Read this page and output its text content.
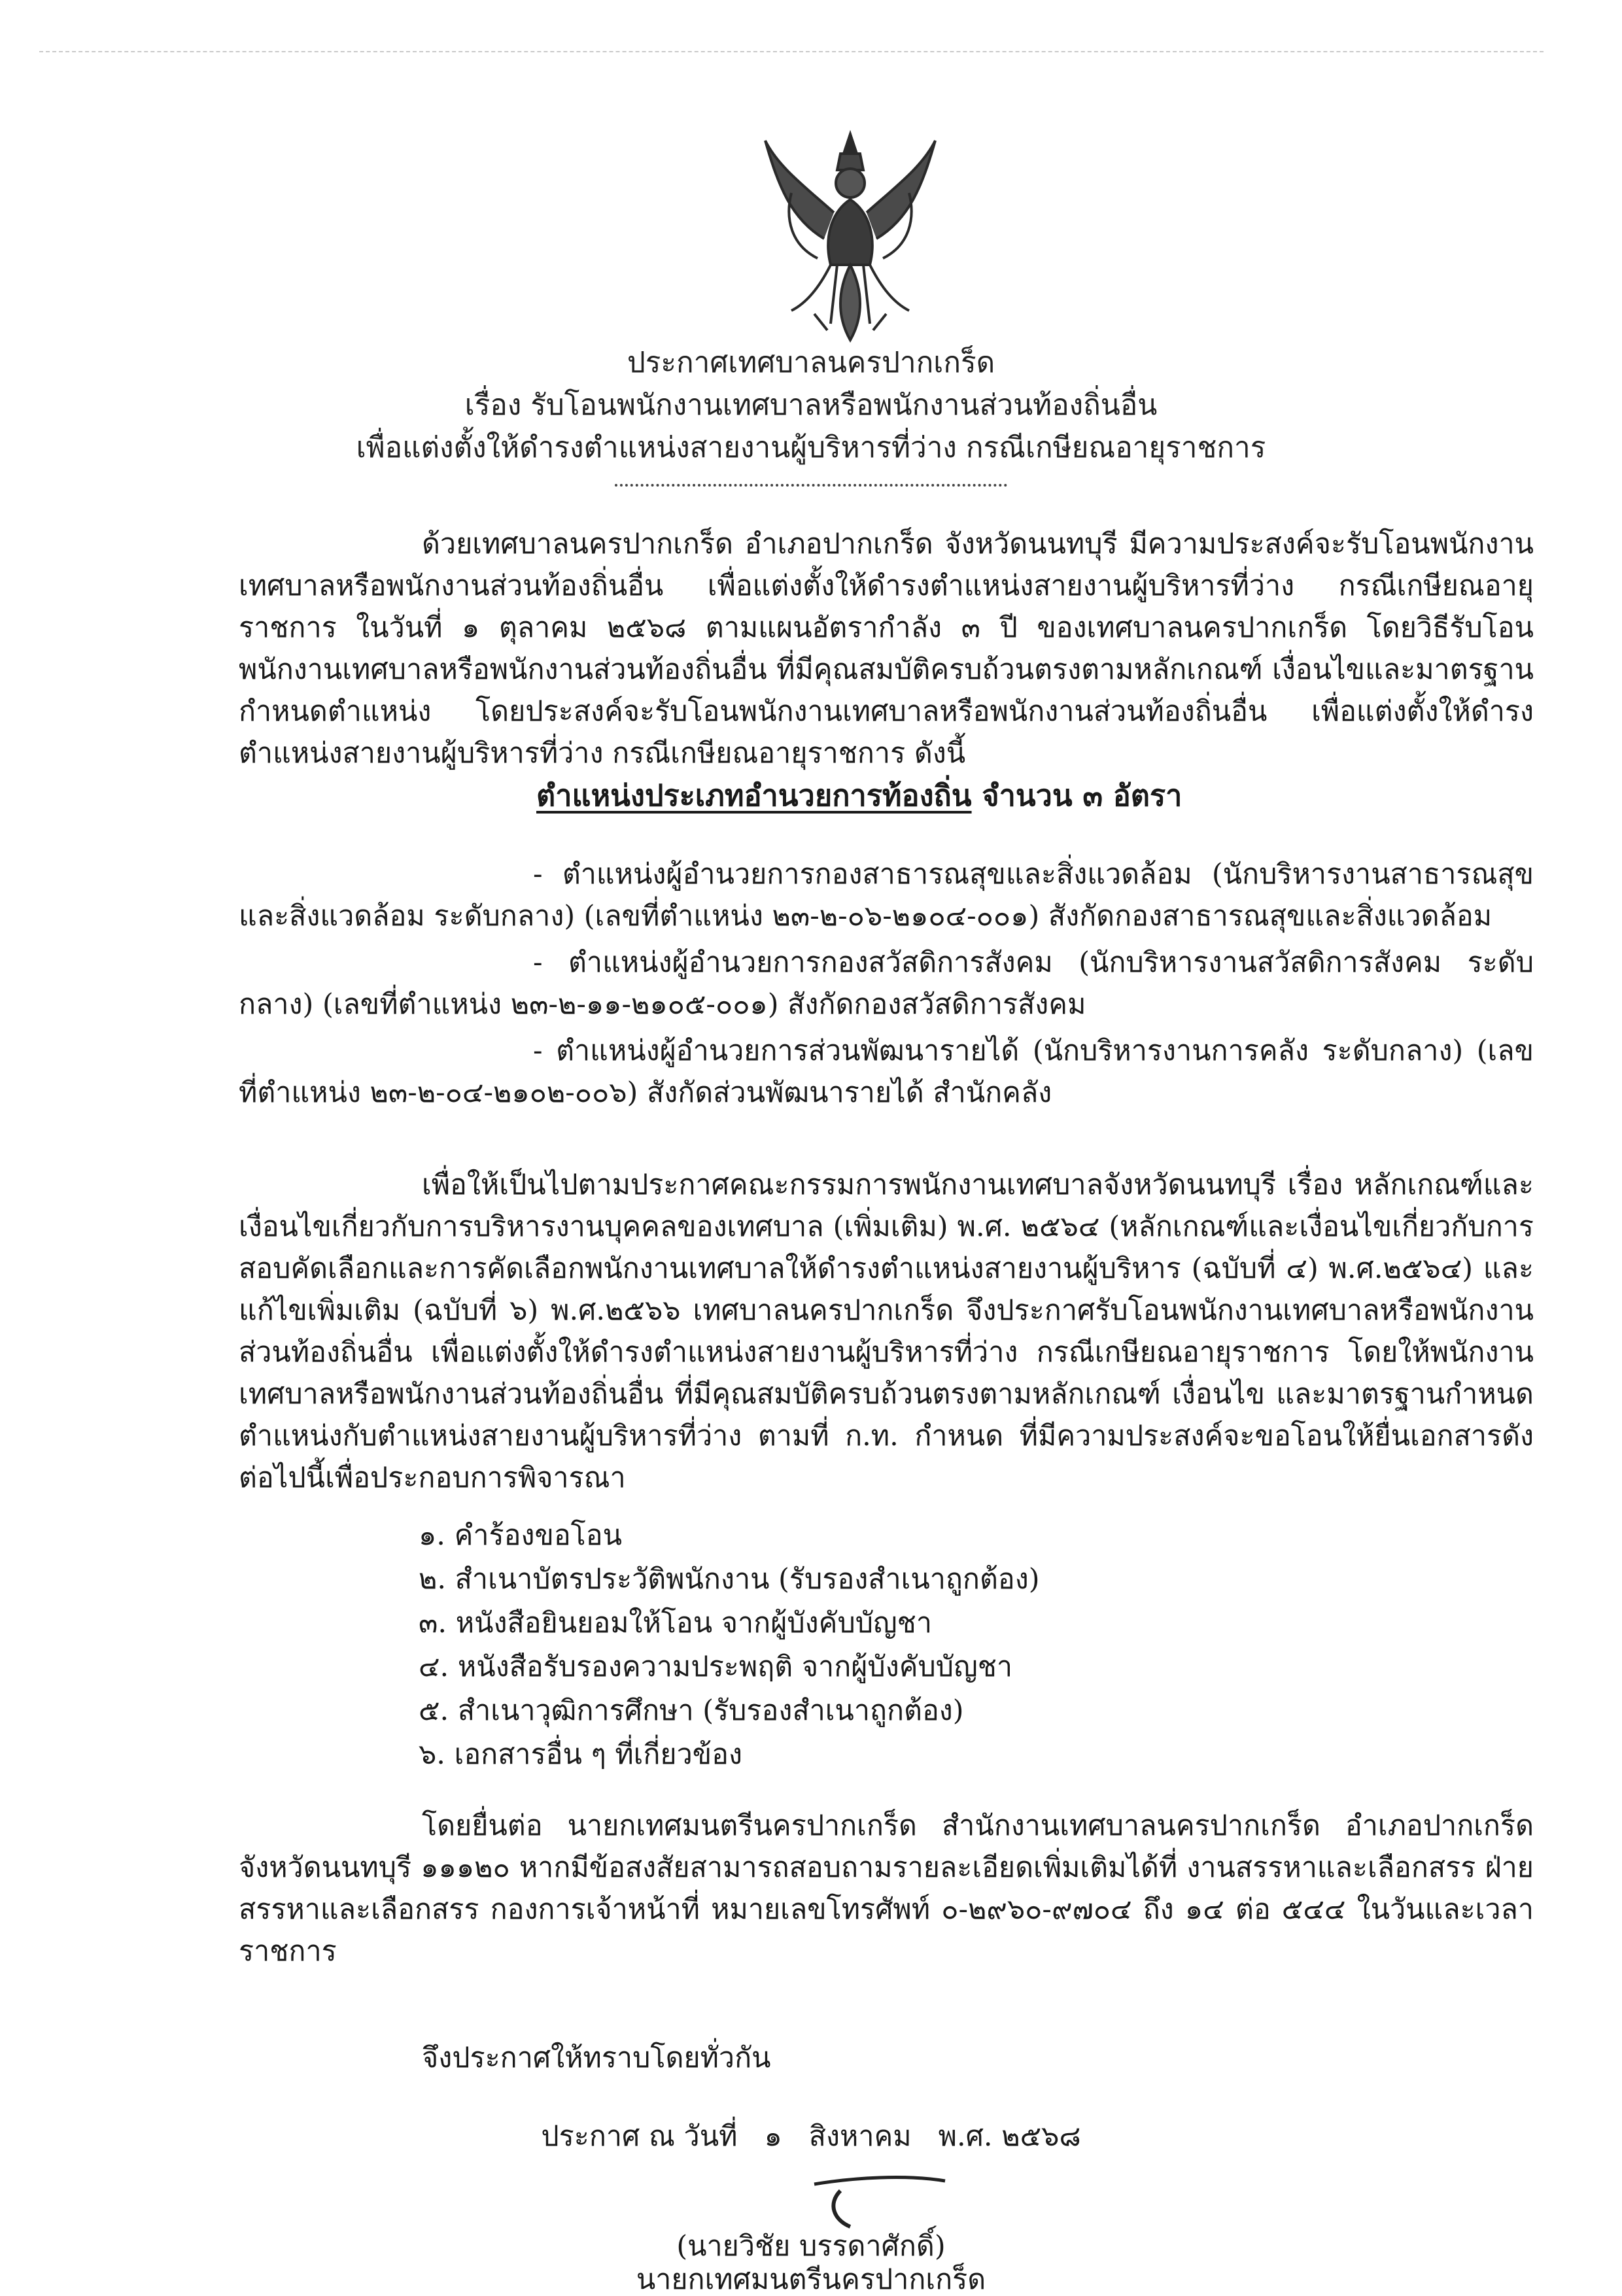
ประกาศเทศบาลนครปากเกร็ด
เรื่อง รับโอนพนักงานเทศบาลหรือพนักงานส่วนท้องถิ่นอื่น
เพื่อแต่งตั้งให้ดำรงตำแหน่งสายงานผู้บริหารที่ว่าง กรณีเกษียณอายุราชการ
ด้วยเทศบาลนครปากเกร็ด อำเภอปากเกร็ด จังหวัดนนทบุรี มีความประสงค์จะรับโอนพนักงานเทศบาลหรือพนักงานส่วนท้องถิ่นอื่น เพื่อแต่งตั้งให้ดำรงตำแหน่งสายงานผู้บริหารที่ว่าง กรณีเกษียณอายุราชการ ในวันที่ ๑ ตุลาคม ๒๕๖๘ ตามแผนอัตรากำลัง ๓ ปี ของเทศบาลนครปากเกร็ด โดยวิธีรับโอนพนักงานเทศบาลหรือพนักงานส่วนท้องถิ่นอื่น ที่มีคุณสมบัติครบถ้วนตรงตามหลักเกณฑ์ เงื่อนไขและมาตรฐานกำหนดตำแหน่ง โดยประสงค์จะรับโอนพนักงานเทศบาลหรือพนักงานส่วนท้องถิ่นอื่น เพื่อแต่งตั้งให้ดำรงตำแหน่งสายงานผู้บริหารที่ว่าง กรณีเกษียณอายุราชการ ดังนี้
ตำแหน่งประเภทอำนวยการท้องถิ่น จำนวน ๓ อัตรา
- ตำแหน่งผู้อำนวยการกองสาธารณสุขและสิ่งแวดล้อม (นักบริหารงานสาธารณสุขและสิ่งแวดล้อม ระดับกลาง) (เลขที่ตำแหน่ง ๒๓-๒-๐๖-๒๑๐๔-๐๐๑) สังกัดกองสาธารณสุขและสิ่งแวดล้อม
- ตำแหน่งผู้อำนวยการกองสวัสดิการสังคม (นักบริหารงานสวัสดิการสังคม ระดับกลาง) (เลขที่ตำแหน่ง ๒๓-๒-๑๑-๒๑๐๕-๐๐๑) สังกัดกองสวัสดิการสังคม
- ตำแหน่งผู้อำนวยการส่วนพัฒนารายได้ (นักบริหารงานการคลัง ระดับกลาง) (เลขที่ตำแหน่ง ๒๓-๒-๐๔-๒๑๐๒-๐๐๖) สังกัดส่วนพัฒนารายได้ สำนักคลัง
เพื่อให้เป็นไปตามประกาศคณะกรรมการพนักงานเทศบาลจังหวัดนนทบุรี เรื่อง หลักเกณฑ์และเงื่อนไขเกี่ยวกับการบริหารงานบุคคลของเทศบาล (เพิ่มเติม) พ.ศ. ๒๕๖๔ (หลักเกณฑ์และเงื่อนไขเกี่ยวกับการสอบคัดเลือกและการคัดเลือกพนักงานเทศบาลให้ดำรงตำแหน่งสายงานผู้บริหาร (ฉบับที่ ๔) พ.ศ.๒๕๖๔) และแก้ไขเพิ่มเติม (ฉบับที่ ๖) พ.ศ.๒๕๖๖ เทศบาลนครปากเกร็ด จึงประกาศรับโอนพนักงานเทศบาลหรือพนักงานส่วนท้องถิ่นอื่น เพื่อแต่งตั้งให้ดำรงตำแหน่งสายงานผู้บริหารที่ว่าง กรณีเกษียณอายุราชการ โดยให้พนักงานเทศบาลหรือพนักงานส่วนท้องถิ่นอื่น ที่มีคุณสมบัติครบถ้วนตรงตามหลักเกณฑ์ เงื่อนไข และมาตรฐานกำหนดตำแหน่งกับตำแหน่งสายงานผู้บริหารที่ว่าง ตามที่ ก.ท. กำหนด ที่มีความประสงค์จะขอโอนให้ยื่นเอกสารดังต่อไปนี้เพื่อประกอบการพิจารณา
๑. คำร้องขอโอน
๒. สำเนาบัตรประวัติพนักงาน (รับรองสำเนาถูกต้อง)
๓. หนังสือยินยอมให้โอน จากผู้บังคับบัญชา
๔. หนังสือรับรองความประพฤติ จากผู้บังคับบัญชา
๕. สำเนาวุฒิการศึกษา (รับรองสำเนาถูกต้อง)
๖. เอกสารอื่น ๆ ที่เกี่ยวข้อง
โดยยื่นต่อ นายกเทศมนตรีนครปากเกร็ด สำนักงานเทศบาลนครปากเกร็ด อำเภอปากเกร็ด จังหวัดนนทบุรี ๑๑๑๒๐ หากมีข้อสงสัยสามารถสอบถามรายละเอียดเพิ่มเติมได้ที่ งานสรรหาและเลือกสรร ฝ่ายสรรหาและเลือกสรร กองการเจ้าหน้าที่ หมายเลขโทรศัพท์ ๐-๒๙๖๐-๙๗๐๔ ถึง ๑๔ ต่อ ๕๔๔ ในวันและเวลาราชการ
จึงประกาศให้ทราบโดยทั่วกัน
ประกาศ ณ วันที่ ๑ สิงหาคม พ.ศ. ๒๕๖๘
(นายวิชัย บรรดาศักดิ์)
นายกเทศมนตรีนครปากเกร็ด
